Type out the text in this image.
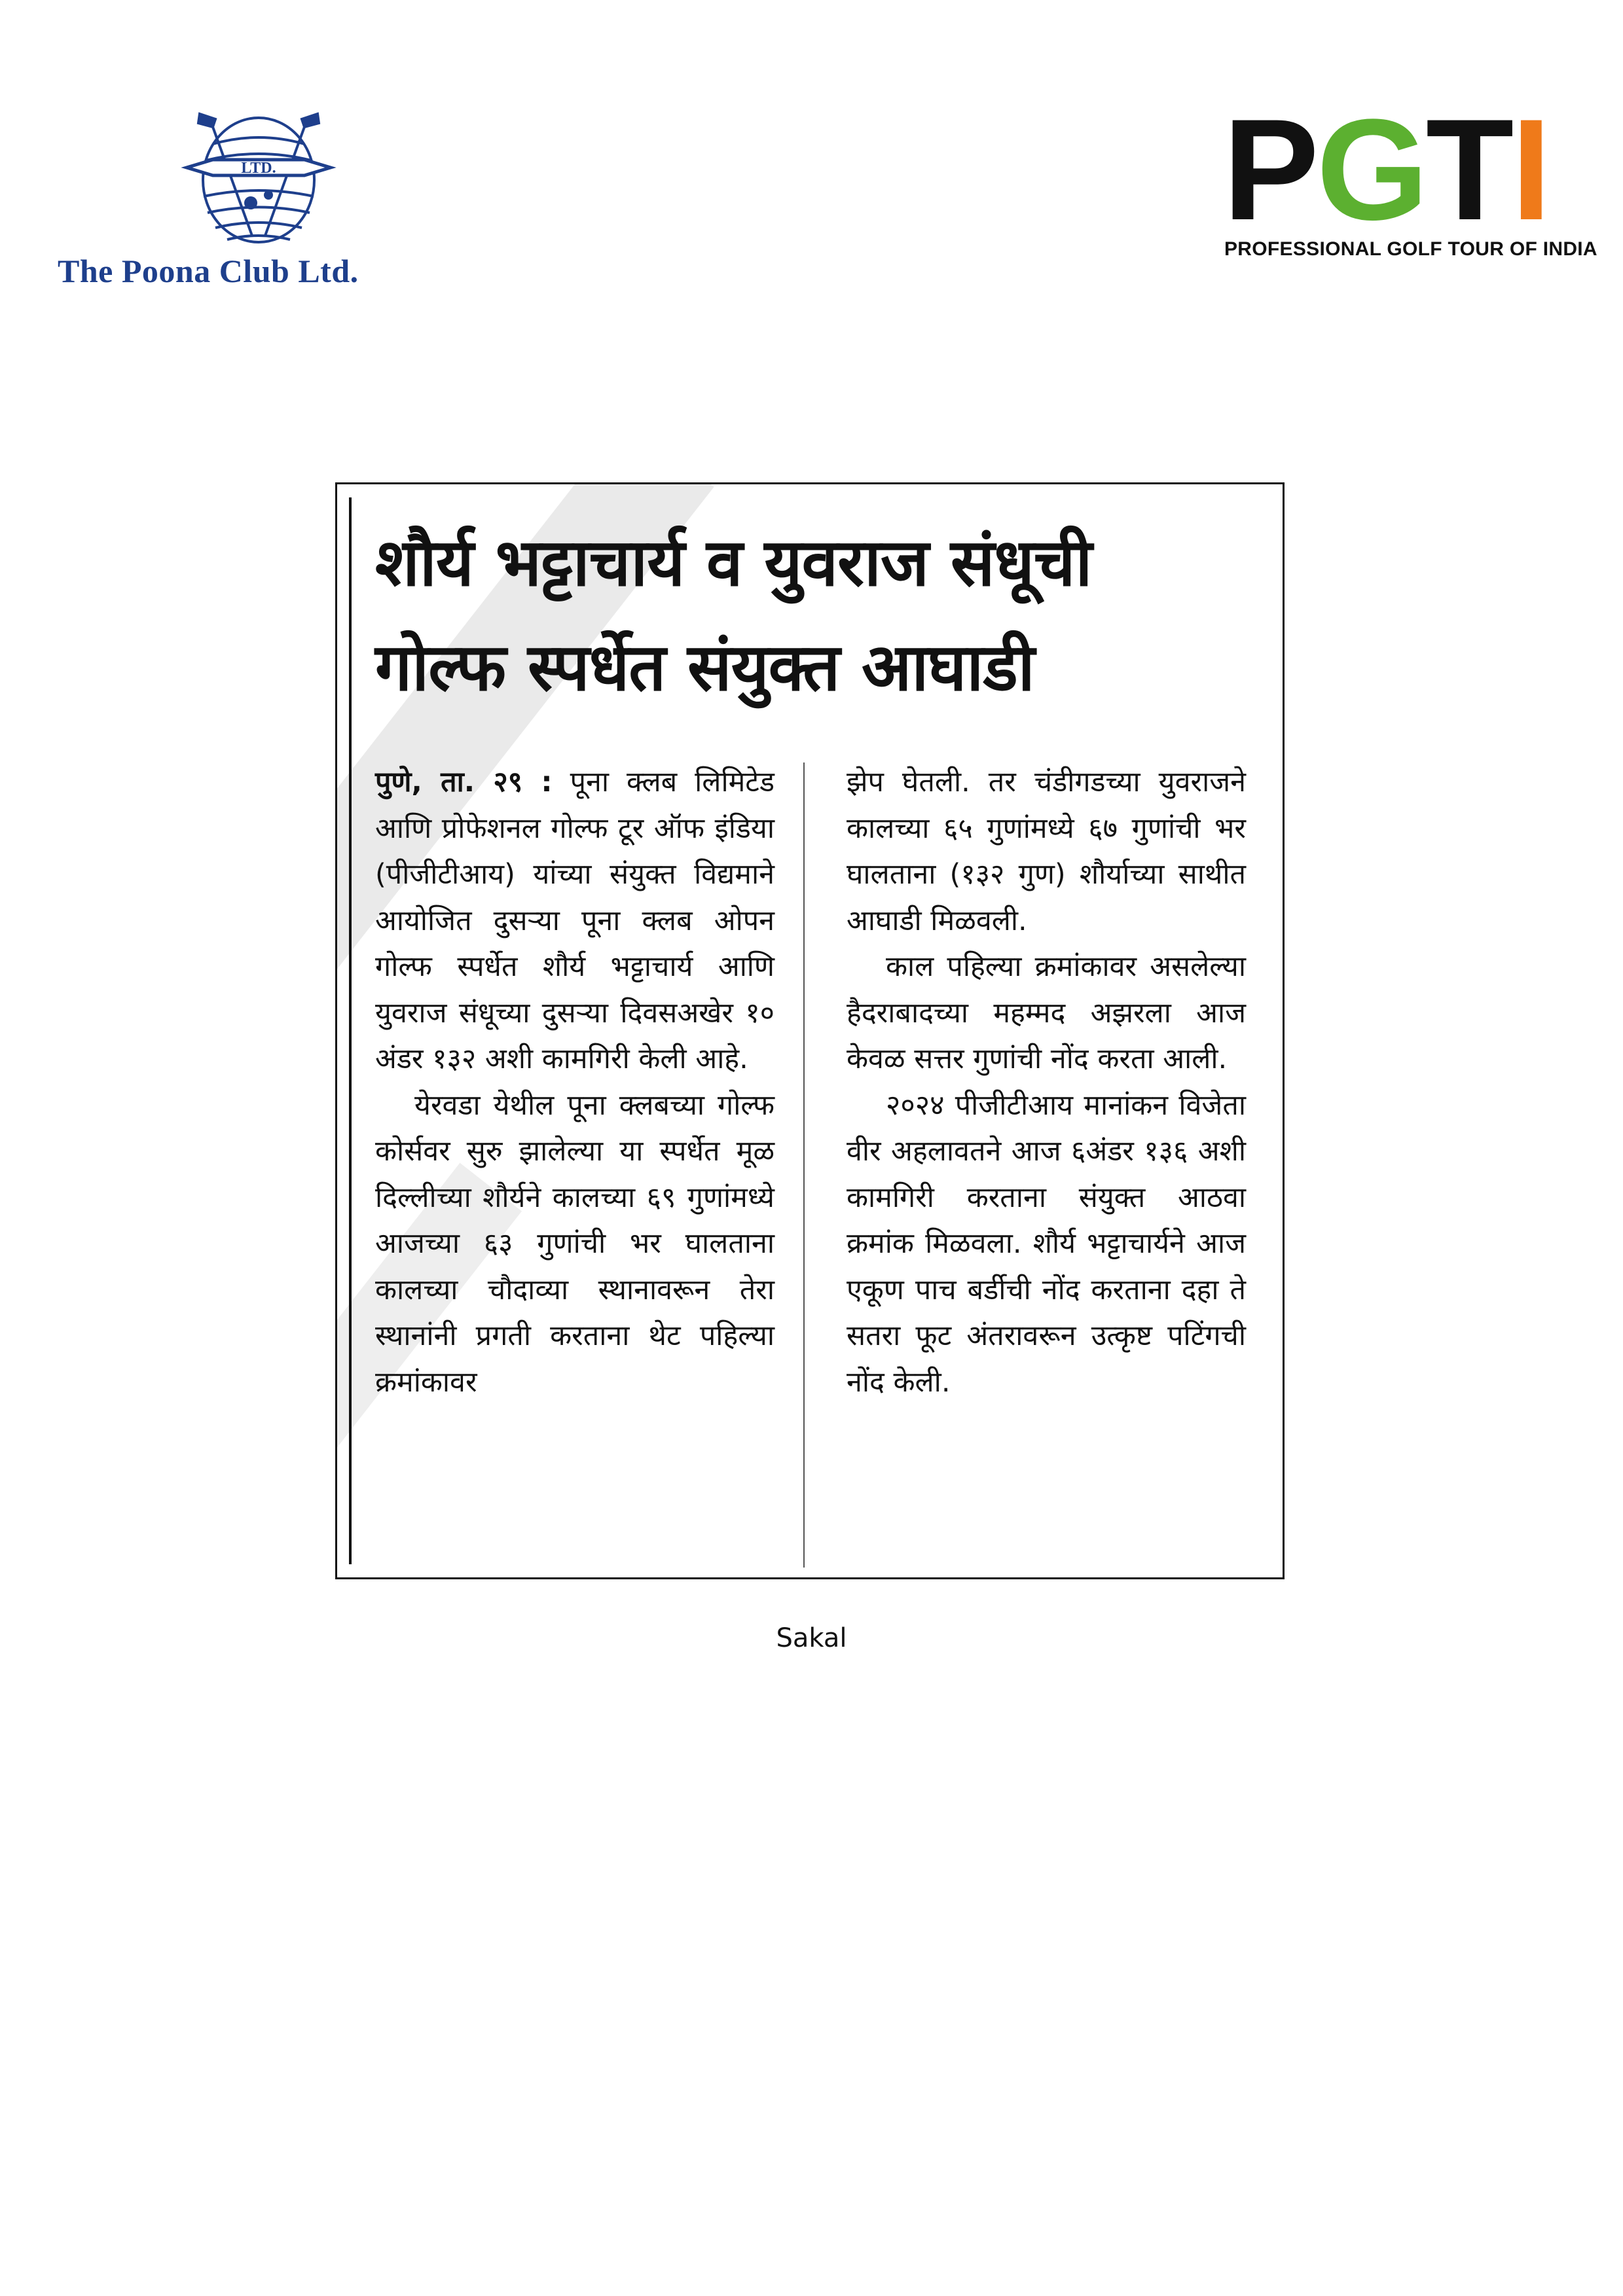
LTD.
The Poona Club Ltd.
PGTI
PROFESSIONAL GOLF TOUR OF INDIA
शौर्य भट्टाचार्य व युवराज संधूची
गोल्फ स्पर्धेत संयुक्त आघाडी

पुणे, ता. २९ : पूना क्लब लिमिटेड आणि प्रोफेशनल गोल्फ टूर ऑफ इंडिया (पीजीटीआय) यांच्या संयुक्त विद्यमाने आयोजित दुसऱ्या पूना क्लब ओपन गोल्फ स्पर्धेत शौर्य भट्टाचार्य आणि युवराज संधूच्या दुसऱ्या दिवसअखेर १० अंडर १३२ अशी कामगिरी केली आहे.

येरवडा येथील पूना क्लबच्या गोल्फ कोर्सवर सुरु झालेल्या या स्पर्धेत मूळ दिल्लीच्या शौर्यने कालच्या ६९ गुणांमध्ये आजच्या ६३ गुणांची भर घालताना कालच्या चौदाव्या स्थानावरून तेरा स्थानांनी प्रगती करताना थेट पहिल्या क्रमांकावर

झेप घेतली. तर चंडीगडच्या युवराजने कालच्या ६५ गुणांमध्ये ६७ गुणांची भर घालताना (१३२ गुण) शौर्याच्या साथीत आघाडी मिळवली.

काल पहिल्या क्रमांकावर असलेल्या हैदराबादच्या महम्मद अझरला आज केवळ सत्तर गुणांची नोंद करता आली.

२०२४ पीजीटीआय मानांकन विजेता वीर अहलावतने आज ६अंडर १३६ अशी कामगिरी करताना संयुक्त आठवा क्रमांक मिळवला. शौर्य भट्टाचार्यने आज एकूण पाच बर्डीची नोंद करताना दहा ते सतरा फूट अंतरावरून उत्कृष्ट पटिंगची नोंद केली.

Sakal
